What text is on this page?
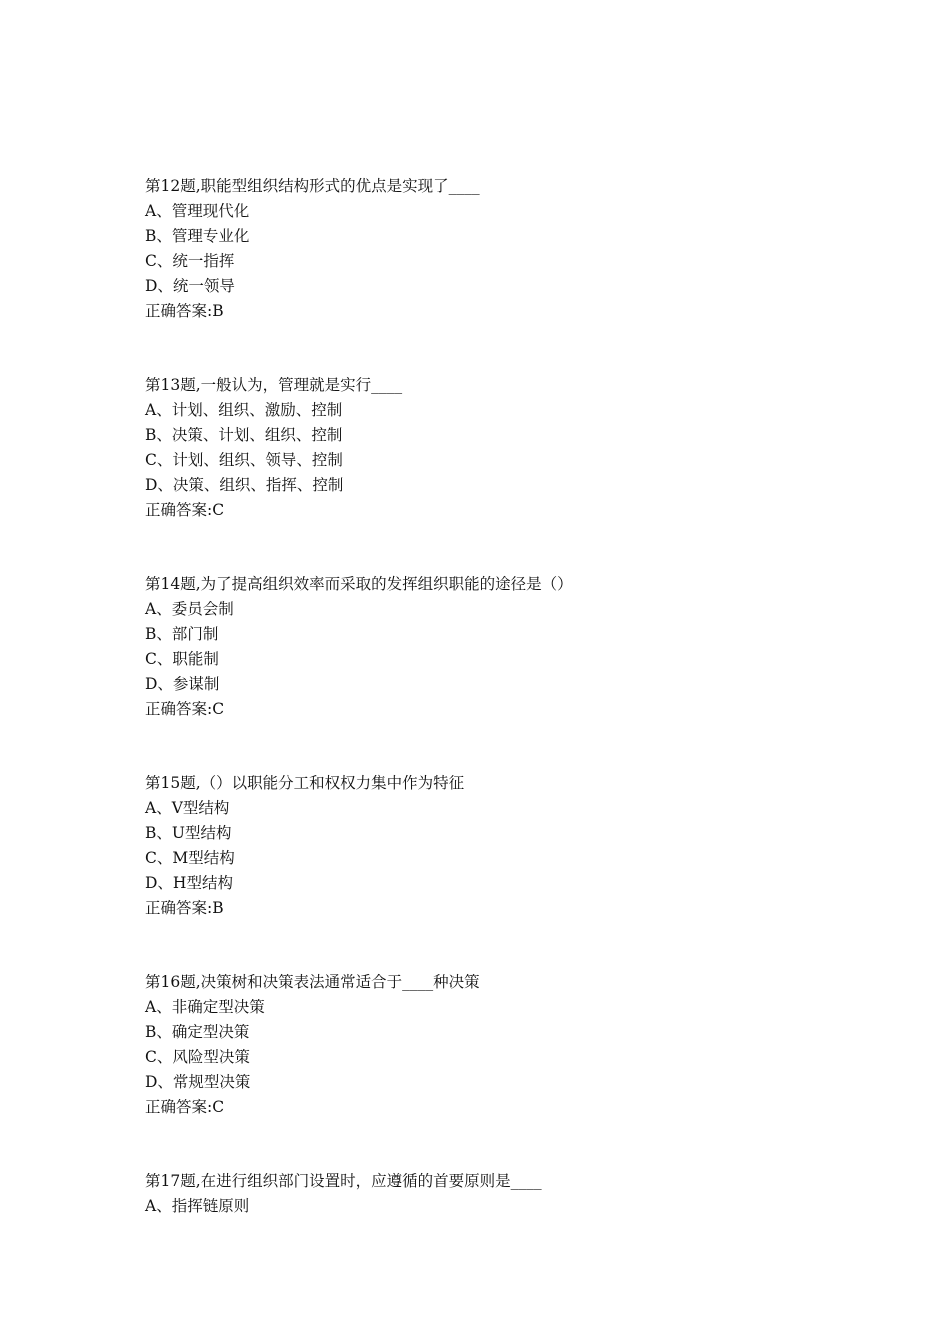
第12题,职能型组织结构形式的优点是实现了____
A、管理现代化
B、管理专业化
C、统一指挥
D、统一领导
正确答案:B
第13题,一般认为，管理就是实行____
A、计划、组织、激励、控制
B、决策、计划、组织、控制
C、计划、组织、领导、控制
D、决策、组织、指挥、控制
正确答案:C
第14题,为了提高组织效率而采取的发挥组织职能的途径是（）
A、委员会制
B、部门制
C、职能制
D、参谋制
正确答案:C
第15题,（）以职能分工和权权力集中作为特征
A、V型结构
B、U型结构
C、M型结构
D、H型结构
正确答案:B
第16题,决策树和决策表法通常适合于____种决策
A、非确定型决策
B、确定型决策
C、风险型决策
D、常规型决策
正确答案:C
第17题,在进行组织部门设置时，应遵循的首要原则是____
A、指挥链原则
